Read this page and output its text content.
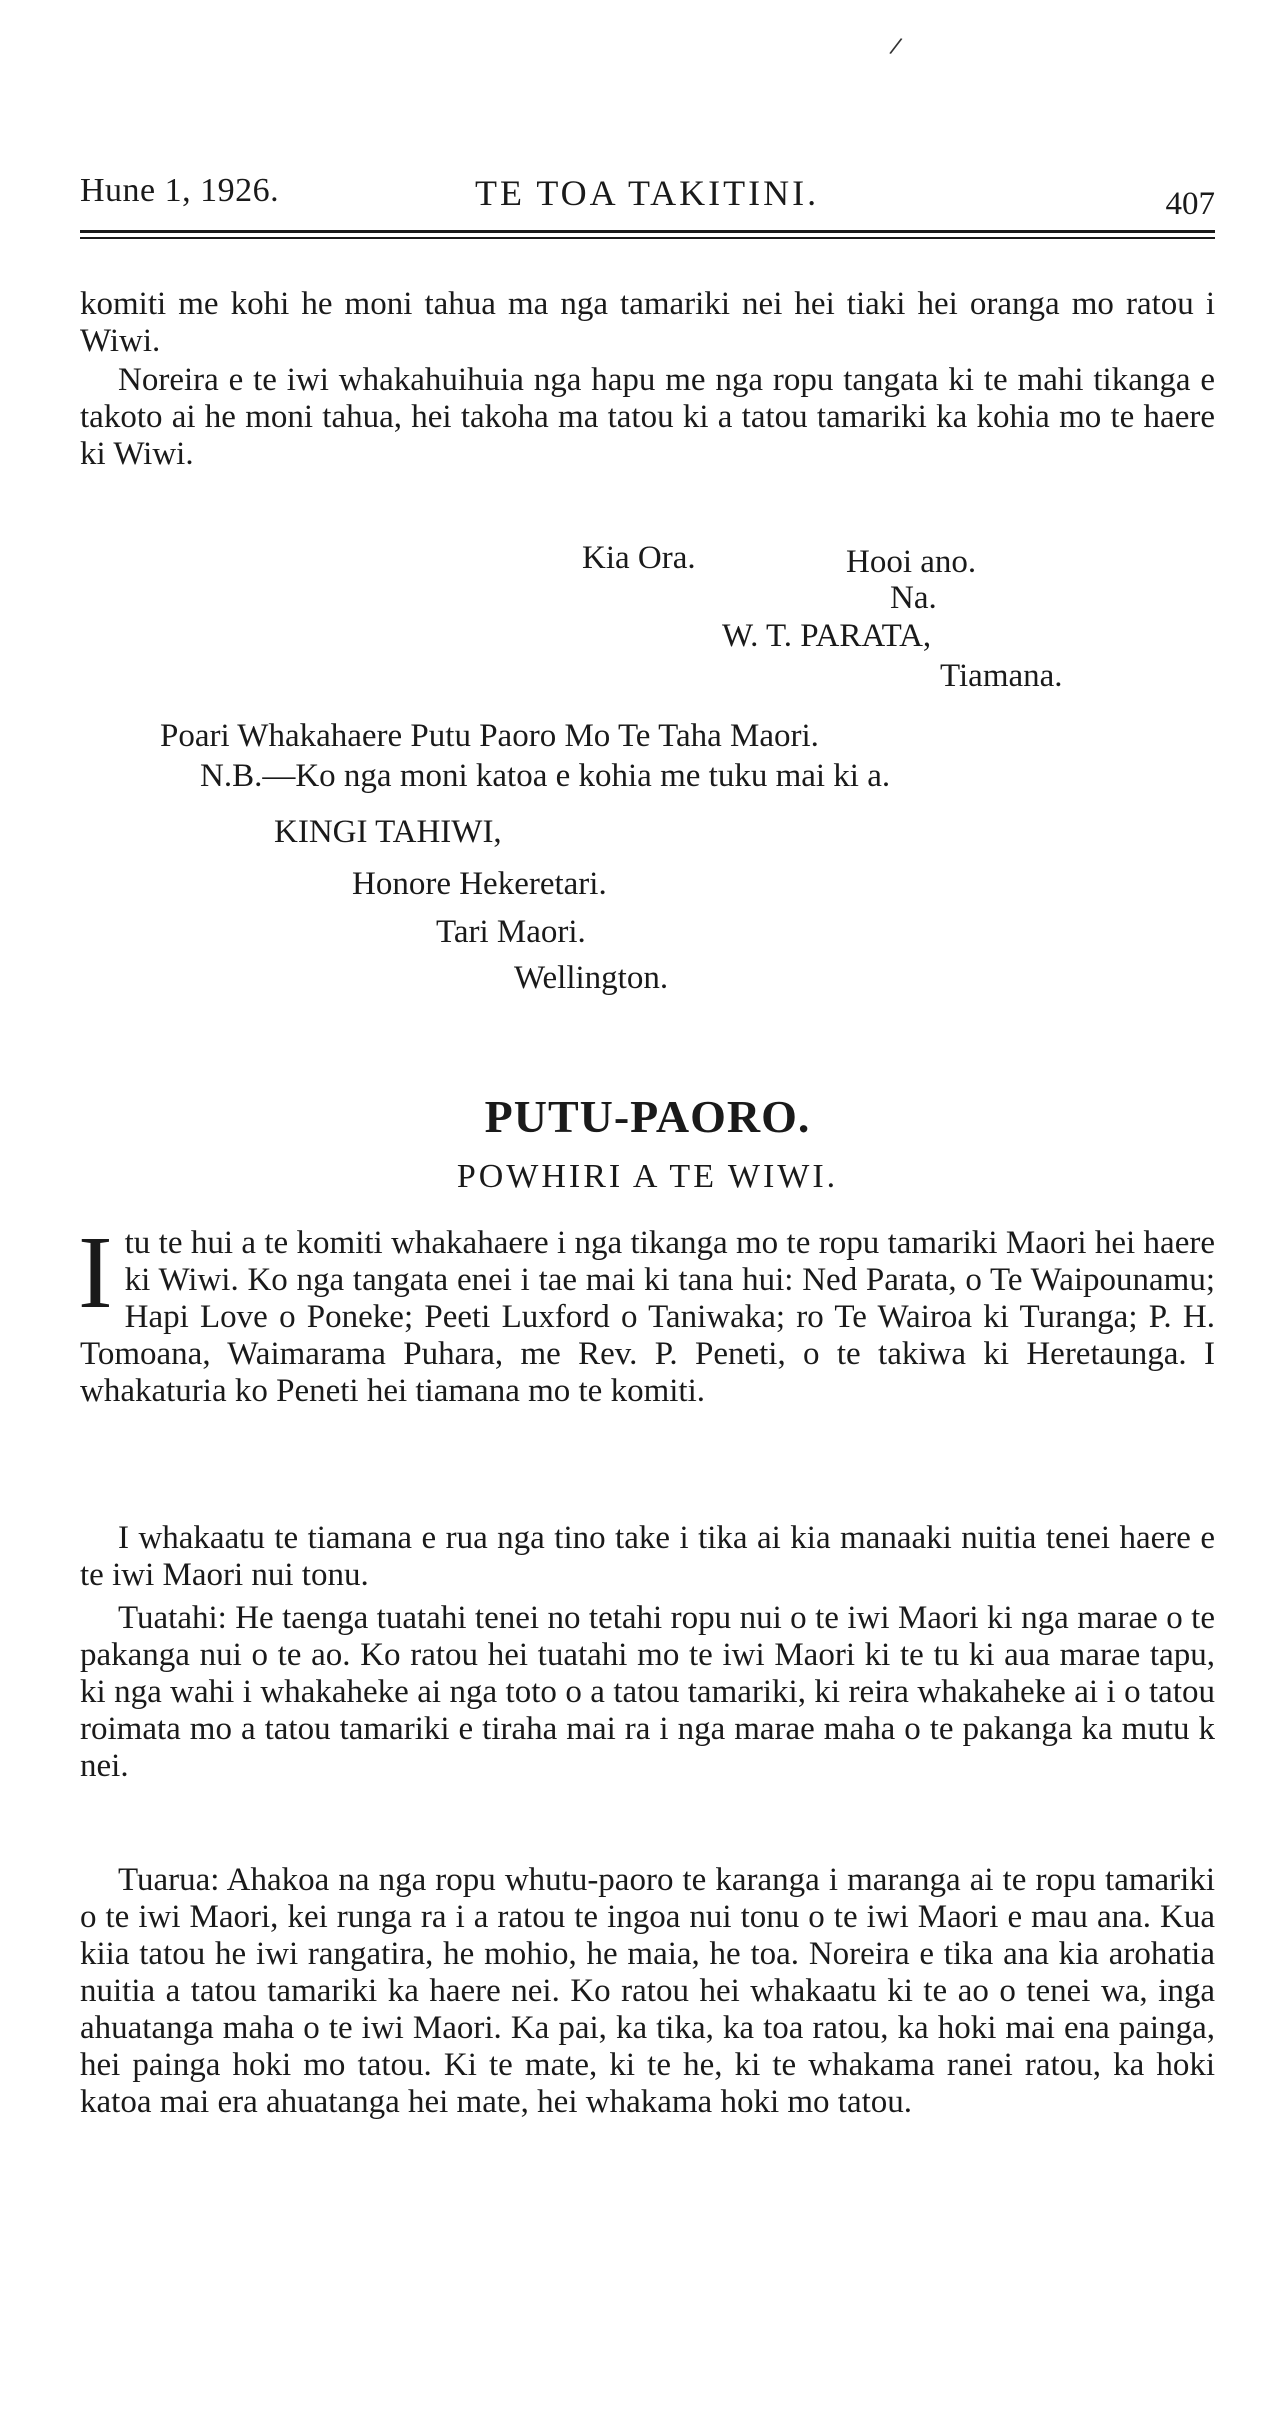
/
Hune 1, 1926.	TE TOA TAKITINI.	407

komiti me kohi he moni tahua ma nga tamariki nei hei tiaki hei oranga mo ratou i Wiwi.

Noreira e te iwi whakahuihuia nga hapu me nga ropu tangata ki te mahi tikanga e takoto ai he moni tahua, hei takoha ma tatou ki a tatou tamariki ka kohia mo te haere ki Wiwi.

Kia Ora.	Hooi ano.
Na.
W. T. PARATA,
Tiamana.
Poari Whakahaere Putu Paoro Mo Te Taha Maori.
N.B.—Ko nga moni katoa e kohia me tuku mai ki a.
KINGI TAHIWI,
Honore Hekeretari.
Tari Maori.
Wellington.
PUTU-PAORO.
POWHIRI A TE WIWI.

Itu te hui a te komiti whakahaere i nga tikanga mo te ropu tamariki Maori hei haere ki Wiwi. Ko nga tangata enei i tae mai ki tana hui: Ned Parata, o Te Waipounamu; Hapi Love o Poneke; Peeti Luxford o Taniwaka; ro Te Wairoa ki Turanga; P. H. Tomoana, Waimarama Puhara, me Rev. P. Peneti, o te takiwa ki Heretaunga. I whakaturia ko Peneti hei tiamana mo te komiti.

I whakaatu te tiamana e rua nga tino take i tika ai kia manaaki nuitia tenei haere e te iwi Maori nui tonu.

Tuatahi: He taenga tuatahi tenei no tetahi ropu nui o te iwi Maori ki nga marae o te pakanga nui o te ao. Ko ratou hei tuatahi mo te iwi Maori ki te tu ki aua marae tapu, ki nga wahi i whakaheke ai nga toto o a tatou tamariki, ki reira whakaheke ai i o tatou roimata mo a tatou tamariki e tiraha mai ra i nga marae maha o te pakanga ka mutu k nei.

Tuarua: Ahakoa na nga ropu whutu-paoro te karanga i maranga ai te ropu tamariki o te iwi Maori, kei runga ra i a ratou te ingoa nui tonu o te iwi Maori e mau ana. Kua kiia tatou he iwi rangatira, he mohio, he maia, he toa. Noreira e tika ana kia arohatia nuitia a tatou tamariki ka haere nei. Ko ratou hei whakaatu ki te ao o tenei wa, inga ahuatanga maha o te iwi Maori. Ka pai, ka tika, ka toa ratou, ka hoki mai ena painga, hei painga hoki mo tatou. Ki te mate, ki te he, ki te whakama ranei ratou, ka hoki katoa mai era ahuatanga hei mate, hei whakama hoki mo tatou.
